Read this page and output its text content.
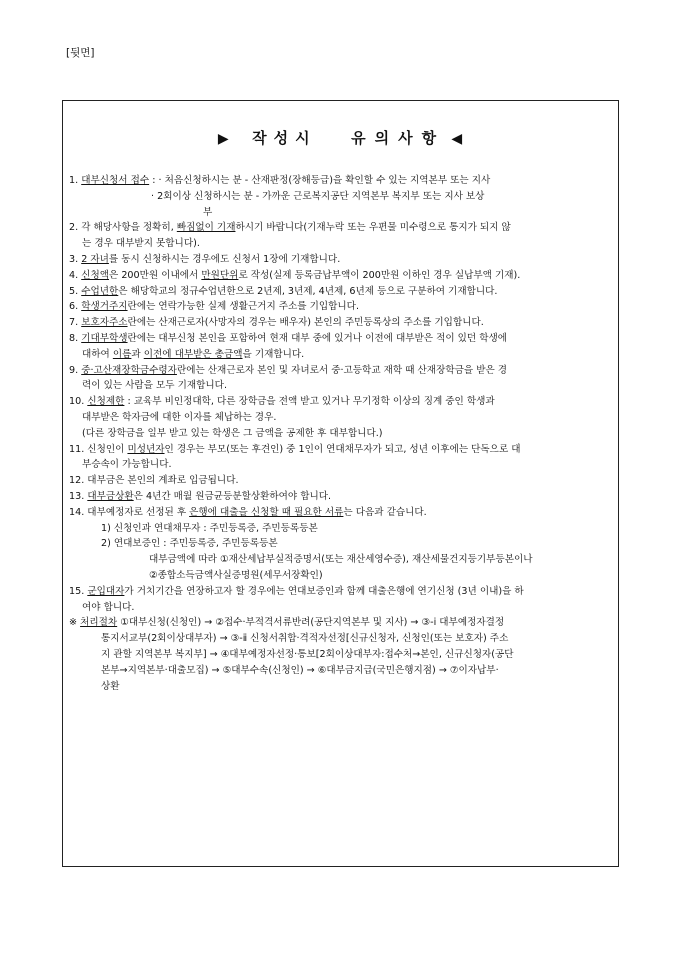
[뒷면]
▶ 작성시 유의사항 ◀
1. 대부신청서 접수 : · 처음신청하시는 분 - 산재판정(장해등급)을 확인할 수 있는 지역본부 또는 지사
· 2회이상 신청하시는 분 - 가까운 근로복지공단 지역본부 복지부 또는 지사 보상
부
2. 각 해당사항을 정확히, 빠짐없이 기재하시기 바랍니다(기재누락 또는 우편물 미수령으로 통지가 되지 않
는 경우 대부받지 못합니다).
3. 2 자녀를 동시 신청하시는 경우에도 신청서 1장에 기재합니다.
4. 신청액은 200만원 이내에서 만원단위로 작성(실제 등록금납부액이 200만원 이하인 경우 실납부액 기재).
5. 수업년한은 해당학교의 정규수업년한으로 2년제, 3년제, 4년제, 6년제 등으로 구분하여 기재합니다.
6. 학생거주지란에는 연락가능한 실제 생활근거지 주소를 기입합니다.
7. 보호자주소란에는 산재근로자(사망자의 경우는 배우자) 본인의 주민등록상의 주소를 기입합니다.
8. 기대부학생란에는 대부신청 본인을 포함하여 현재 대부 중에 있거나 이전에 대부받은 적이 있던 학생에
대하여 이름과 이전에 대부받은 총금액을 기재합니다.
9. 중·고산재장학금수령자란에는 산재근로자 본인 및 자녀로서 중·고등학교 재학 때 산재장학금을 받은 경
력이 있는 사람을 모두 기재합니다.
10. 신청제한 : 교육부 비인정대학, 다른 장학금을 전액 받고 있거나 무기정학 이상의 징계 중인 학생과
대부받은 학자금에 대한 이자를 체납하는 경우.
(다른 장학금을 일부 받고 있는 학생은 그 금액을 공제한 후 대부합니다.)
11. 신청인이 미성년자인 경우는 부모(또는 후견인) 중 1인이 연대채무자가 되고, 성년 이후에는 단독으로 대
부승속이 가능합니다.
12. 대부금은 본인의 계좌로 입금됩니다.
13. 대부금상환은 4년간 매월 원금균등분할상환하여야 합니다.
14. 대부예정자로 선정된 후 은행에 대출을 신청할 때 필요한 서류는 다음과 같습니다.
1) 신청인과 연대채무자 : 주민등록증, 주민등록등본
2) 연대보증인 : 주민등록증, 주민등록등본
대부금액에 따라 ①재산세납부실적증명서(또는 재산세영수증), 재산세물건지등기부등본이나
②종합소득금액사실증명원(세무서장확인)
15. 군입대자가 거치기간을 연장하고자 할 경우에는 연대보증인과 함께 대출은행에 연기신청 (3년 이내)을 하
여야 합니다.
※ 처리절차 ①대부신청(신청인) → ②접수·부적격서류반려(공단지역본부 및 지사) → ③-ⅰ 대부예정자결정
통지서교부(2회이상대부자) → ③-ⅱ 신청서취합·격적자선정[신규신청자, 신청인(또는 보호자) 주소
지 관할 지역본부 복지부] → ④대부예정자선정·통보[2회이상대부자:접수처→본인, 신규신청자(공단
본부→지역본부·대출모집) → ⑤대부수속(신청인) → ⑥대부금지급(국민은행지점) → ⑦이자납부·
상환
